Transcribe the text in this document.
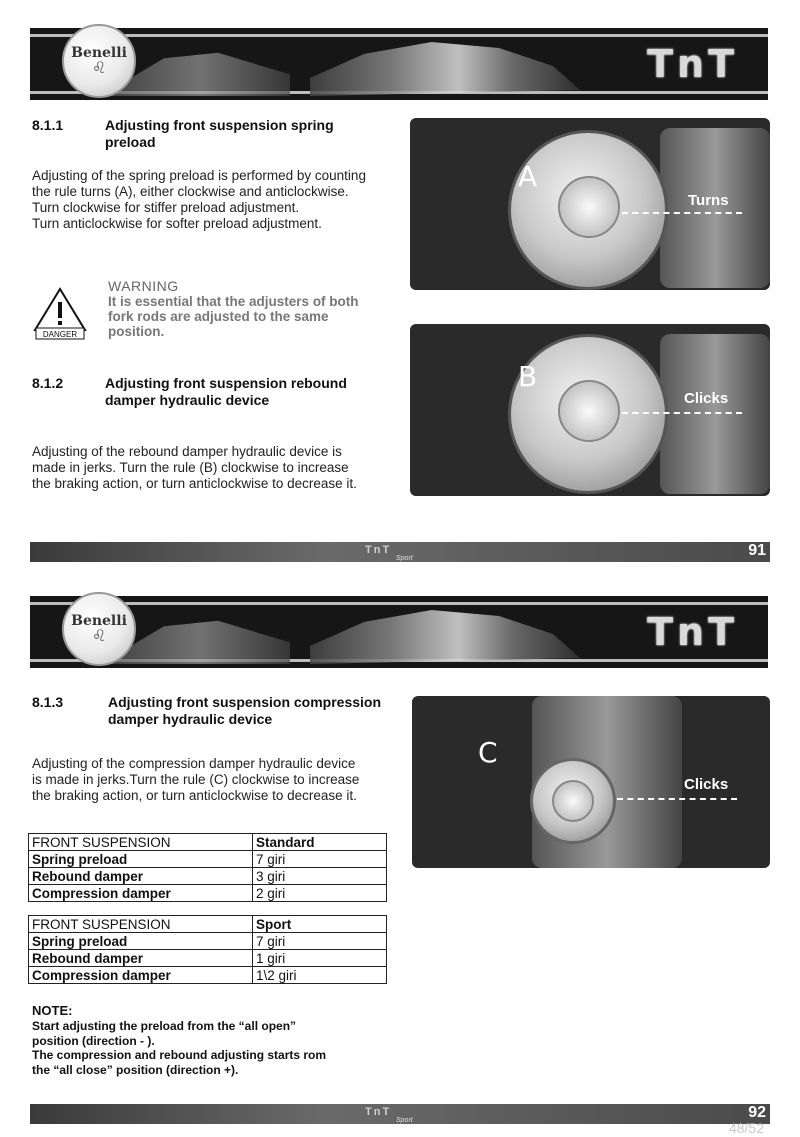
TnT
Benelli
♌
8.1.1	Adjusting front suspension spring
preload
Adjusting of the spring preload is performed by counting
the rule turns (A), either clockwise and anticlockwise.
Turn clockwise for stiffer preload adjustment.
Turn anticlockwise for softer preload adjustment.
DANGER
WARNING
It is essential that the adjusters of both
fork rods are adjusted to the same
position.
8.1.2	Adjusting front suspension rebound
damper hydraulic device
Adjusting of the rebound damper hydraulic device is
made in jerks. Turn the rule (B) clockwise to increase
the braking action, or turn anticlockwise to decrease it.
A
Turns
B
Clicks
TnT
Sport	91
TnT
Benelli
♌
8.1.3	Adjusting front suspension compression
damper hydraulic device
Adjusting of the compression damper hydraulic device
is made in jerks.Turn the rule (C) clockwise to increase
the braking action, or turn anticlockwise to decrease it.
C
Clicks
FRONT SUSPENSION	Standard
Spring preload	7 giri
Rebound damper	3 giri
Compression damper	2 giri
FRONT SUSPENSION	Sport
Spring preload	7 giri
Rebound damper	1 giri
Compression damper	1\2 giri
NOTE:
Start adjusting the preload from the “all open”
position (direction - ).
The compression and rebound adjusting starts rom
the “all close” position (direction +).
TnT
Sport	92
48/52
